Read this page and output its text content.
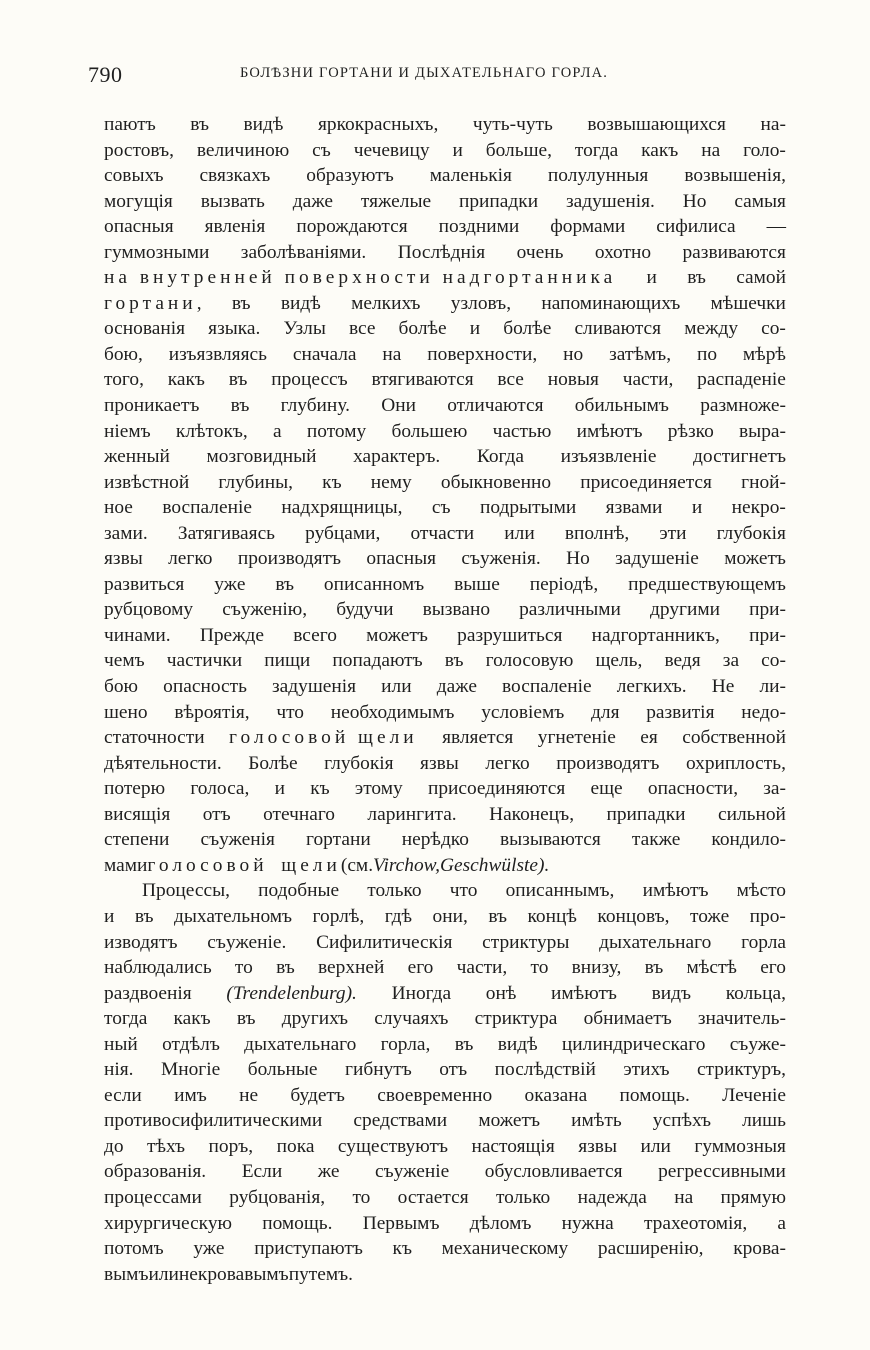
790	БОЛѢЗНИ ГОРТАНИ И ДЫХАТЕЛЬНАГО ГОРЛА.
паютъ въ видѣ яркокрасныхъ, чуть-чуть возвышающихся на-
ростовъ, величиною съ чечевицу и больше, тогда какъ на голо-
совыхъ связкахъ образуютъ маленькія полулунныя возвышенія,
могущія вызвать даже тяжелые припадки задушенія. Но самыя
опасныя явленія порождаются поздними формами сифилиса —
гуммозными заболѣваніями. Послѣднія очень охотно развиваются
на внутренней поверхности надгортанника и въ самой
гортани, въ видѣ мелкихъ узловъ, напоминающихъ мѣшечки
основанія языка. Узлы все болѣе и болѣе сливаются между со-
бою, изъязвляясь сначала на поверхности, но затѣмъ, по мѣрѣ
того, какъ въ процессъ втягиваются все новыя части, распаденіе
проникаетъ въ глубину. Они отличаются обильнымъ размноже-
ніемъ клѣтокъ, а потому большею частью имѣютъ рѣзко выра-
женный мозговидный характеръ. Когда изъязвленіе достигнетъ
извѣстной глубины, къ нему обыкновенно присоединяется гной-
ное воспаленіе надхрящницы, съ подрытыми язвами и некро-
зами. Затягиваясь рубцами, отчасти или вполнѣ, эти глубокія
язвы легко производятъ опасныя съуженія. Но задушеніе можетъ
развиться уже въ описанномъ выше періодѣ, предшествующемъ
рубцовому съуженію, будучи вызвано различными другими при-
чинами. Прежде всего можетъ разрушиться надгортанникъ, при-
чемъ частички пищи попадаютъ въ голосовую щель, ведя за со-
бою опасность задушенія или даже воспаленіе легкихъ. Не ли-
шено вѣроятія, что необходимымъ условіемъ для развитія недо-
статочности голосовой щели является угнетеніе ея собственной
дѣятельности. Болѣе глубокія язвы легко производятъ охриплость,
потерю голоса, и къ этому присоединяются еще опасности, за-
висящія отъ отечнаго ларингита. Наконецъ, припадки сильной
степени съуженія гортани нерѣдко вызываются также кондило-
мами голосовой щели (см. Virchow, Geschwülste).
Процессы, подобные только что описаннымъ, имѣютъ мѣсто
и въ дыхательномъ горлѣ, гдѣ они, въ концѣ концовъ, тоже про-
изводятъ съуженіе. Сифилитическія стриктуры дыхательнаго горла
наблюдались то въ верхней его части, то внизу, въ мѣстѣ его
раздвоенія (Trendelenburg). Иногда онѣ имѣютъ видъ кольца,
тогда какъ въ другихъ случаяхъ стриктура обнимаетъ значитель-
ный отдѣлъ дыхательнаго горла, въ видѣ цилиндрическаго съуже-
нія. Многіе больные гибнутъ отъ послѣдствій этихъ стриктуръ,
если имъ не будетъ своевременно оказана помощь. Леченіе
противосифилитическими средствами можетъ имѣть успѣхъ лишь
до тѣхъ поръ, пока существуютъ настоящія язвы или гуммозныя
образованія. Если же съуженіе обусловливается регрессивными
процессами рубцованія, то остается только надежда на прямую
хирургическую помощь. Первымъ дѣломъ нужна трахеотомія, а
потомъ уже приступаютъ къ механическому расширенію, крова-
вымъ или некровавымъ путемъ.
